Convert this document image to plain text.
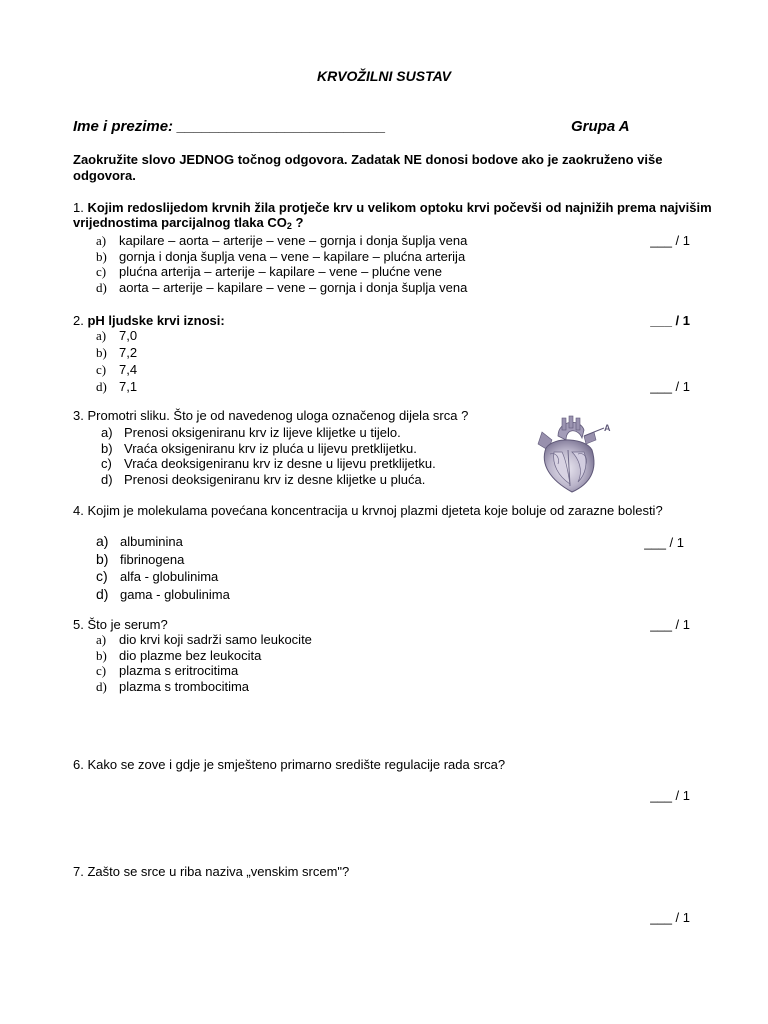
KRVOŽILNI SUSTAV
Ime i prezime: _________________________	Grupa A
Zaokružite slovo JEDNOG točnog odgovora. Zadatak NE donosi bodove ako je zaokruženo više odgovora.
1. Kojim redoslijedom krvnih žila protječe krv u velikom optoku krvi počevši od najnižih prema najvišim vrijednostima parcijalnog tlaka $CO_2$ ?
___ / 1
a) kapilare – aorta – arterije – vene – gornja i donja šuplja vena
b) gornja i donja šuplja vena – vene – kapilare – plućna arterija
c) plućna arterija – arterije – kapilare – vene – plućne vene
d) aorta – arterije – kapilare – vene – gornja i donja šuplja vena
2. pH ljudske krvi iznosi:	___ / 1
a) 7,0
b) 7,2
c) 7,4
d) 7,1	___ / 1
3. Promotri sliku. Što je od navedenog uloga označenog dijela srca ?
a) Prenosi oksigeniranu krv iz lijeve klijetke u tijelo.
b) Vraća oksigeniranu krv iz pluća u lijevu pretklijetku.
c) Vraća deoksigeniranu krv iz desne u lijevu pretklijetku.
d) Prenosi deoksigeniranu krv iz desne klijetke u pluća.
A
4. Kojim je molekulama povećana koncentracija u krvnoj plazmi djeteta koje boluje od zarazne bolesti?
___ / 1
a) albuminina
b) fibrinogena
c) alfa - globulinima
d) gama - globulinima
5. Što je serum?	___ / 1
a) dio krvi koji sadrži samo leukocite
b) dio plazme bez leukocita
c) plazma s eritrocitima
d) plazma s trombocitima
6. Kako se zove i gdje je smješteno primarno središte regulacije rada srca?
___ / 1
7. Zašto se srce u riba naziva „venskim srcem"?
___ / 1
